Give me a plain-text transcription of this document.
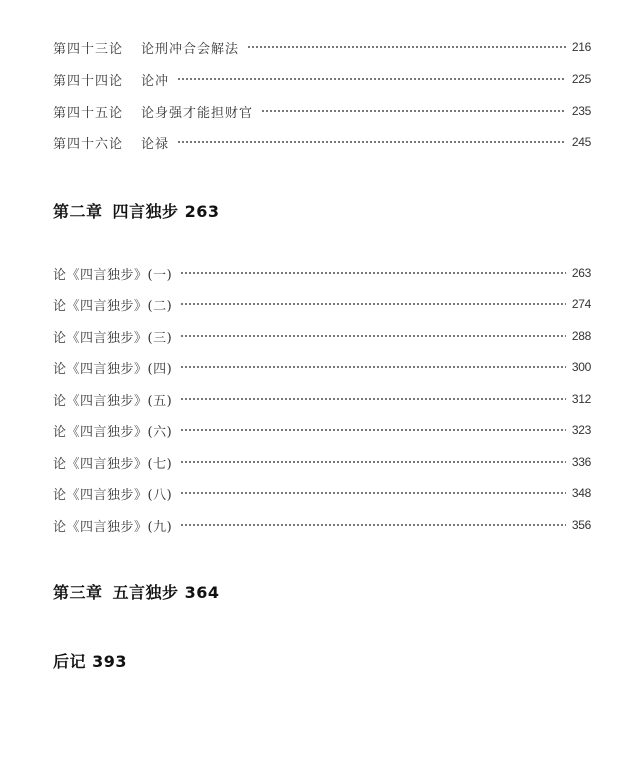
第四十三论	论刑冲合会解法	216
第四十四论	论冲	225
第四十五论	论身强才能担财官	235
第四十六论	论禄	245
第二章 四言独步 263
论《四言独步》(一)	263
论《四言独步》(二)	274
论《四言独步》(三)	288
论《四言独步》(四)	300
论《四言独步》(五)	312
论《四言独步》(六)	323
论《四言独步》(七)	336
论《四言独步》(八)	348
论《四言独步》(九)	356
第三章 五言独步 364
后记 393
